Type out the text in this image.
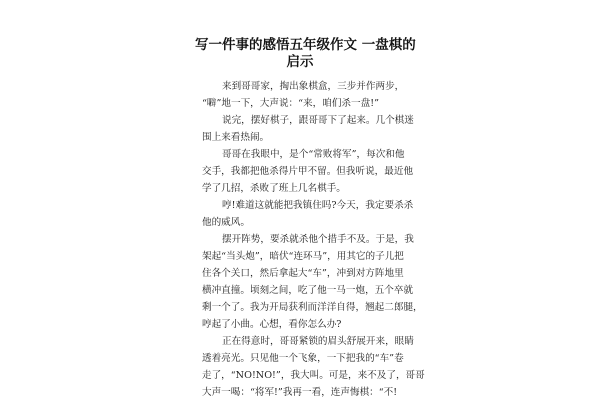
写一件事的感悟五年级作文 一盘棋的
启示
来到哥哥家，掏出象棋盒，三步并作两步，
“噼”地一下，大声说：“来，咱们杀一盘!”
说完，摆好棋子，跟哥哥下了起来。几个棋迷
围上来看热闹。
哥哥在我眼中，是个“常败将军”，每次和他
交手，我都把他杀得片甲不留。但我听说，最近他
学了几招，杀败了班上几名棋手。
哼!难道这就能把我镇住吗?今天，我定要杀杀
他的威风。
摆开阵势，要杀就杀他个措手不及。于是，我
架起“当头炮”，暗伏“连环马”，用其它的子儿把
住各个关口，然后拿起大“车”，冲到对方阵地里
横冲直撞。顷刻之间，吃了他一马一炮，五个卒就
剩一个了。我为开局获利而洋洋自得，翘起二郎腿，
哼起了小曲。心想，看你怎么办?
正在得意时，哥哥紧锁的眉头舒展开来，眼睛
透着亮光。只见他一个飞象，一下把我的“车”卷
走了，“NO!NO!”，我大叫。可是，来不及了，哥哥
大声一喝：“将军!”我再一看，连声悔棋：“不!
